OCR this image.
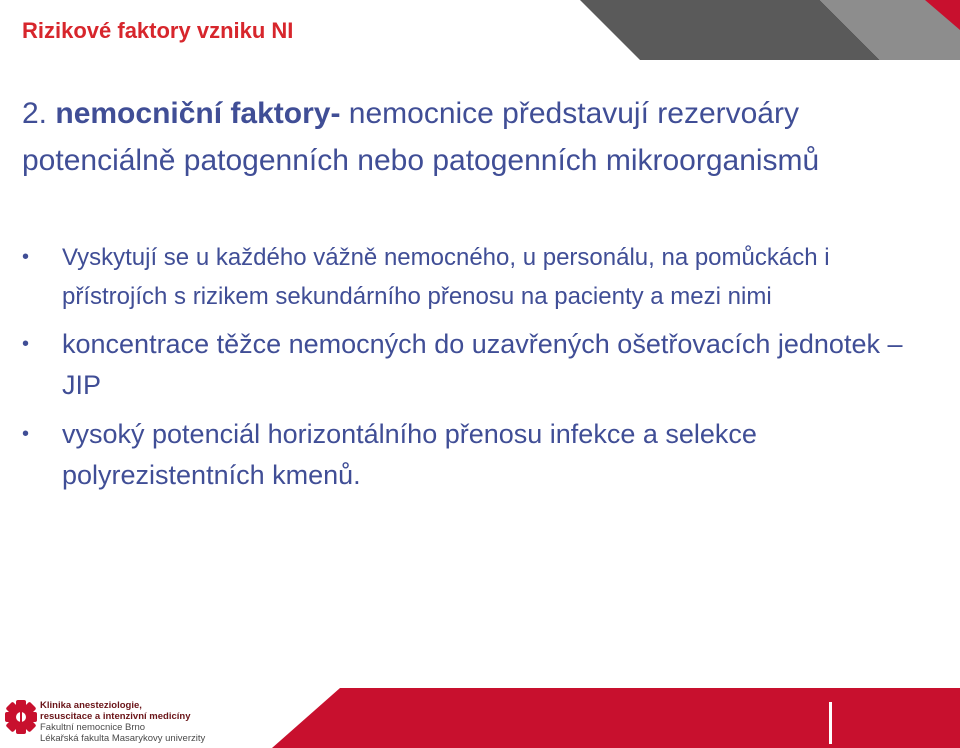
Rizikové faktory vzniku NI

2. nemocniční faktory- nemocnice představují rezervoáry potenciálně patogenních nebo patogenních mikroorganismů

• Vyskytují se u každého vážně nemocného, u personálu, na pomůckách i přístrojích s rizikem sekundárního přenosu na pacienty a mezi nimi
• koncentrace těžce nemocných do uzavřených ošetřovacích jednotek – JIP
• vysoký potenciál horizontálního přenosu infekce a selekce polyrezistentních kmenů.
Klinika anesteziologie,
resuscitace a intenzivní medicíny
Fakultní nemocnice Brno
Lékařská fakulta Masarykovy univerzity
